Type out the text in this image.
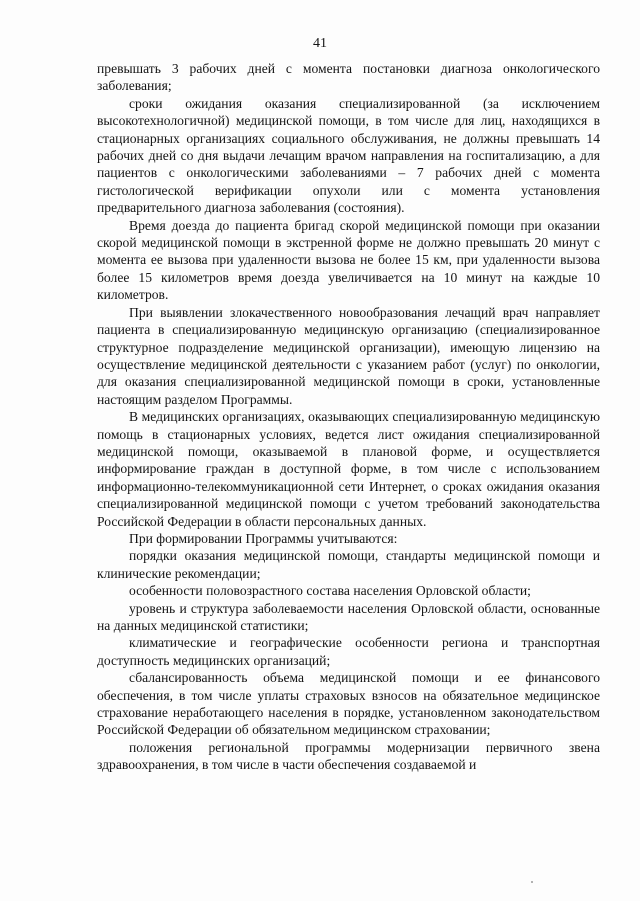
41

превышать 3 рабочих дней с момента постановки диагноза онкологического заболевания;

сроки ожидания оказания специализированной (за исключением высокотехнологичной) медицинской помощи, в том числе для лиц, находящихся в стационарных организациях социального обслуживания, не должны превышать 14 рабочих дней со дня выдачи лечащим врачом направления на госпитализацию, а для пациентов с онкологическими заболеваниями – 7 рабочих дней с момента гистологической верификации опухоли или с момента установления предварительного диагноза заболевания (состояния).

Время доезда до пациента бригад скорой медицинской помощи при оказании скорой медицинской помощи в экстренной форме не должно превышать 20 минут с момента ее вызова при удаленности вызова не более 15 км, при удаленности вызова более 15 километров время доезда увеличивается на 10 минут на каждые 10 километров.

При выявлении злокачественного новообразования лечащий врач направляет пациента в специализированную медицинскую организацию (специализированное структурное подразделение медицинской организации), имеющую лицензию на осуществление медицинской деятельности с указанием работ (услуг) по онкологии, для оказания специализированной медицинской помощи в сроки, установленные настоящим разделом Программы.

В медицинских организациях, оказывающих специализированную медицинскую помощь в стационарных условиях, ведется лист ожидания специализированной медицинской помощи, оказываемой в плановой форме, и осуществляется информирование граждан в доступной форме, в том числе с использованием информационно-телекоммуникационной сети Интернет, о сроках ожидания оказания специализированной медицинской помощи с учетом требований законодательства Российской Федерации в области персональных данных.

При формировании Программы учитываются:

порядки оказания медицинской помощи, стандарты медицинской помощи и клинические рекомендации;

особенности половозрастного состава населения Орловской области;

уровень и структура заболеваемости населения Орловской области, основанные на данных медицинской статистики;

климатические и географические особенности региона и транспортная доступность медицинских организаций;

сбалансированность объема медицинской помощи и ее финансового обеспечения, в том числе уплаты страховых взносов на обязательное медицинское страхование неработающего населения в порядке, установленном законодательством Российской Федерации об обязательном медицинском страховании;

положения региональной программы модернизации первичного звена здравоохранения, в том числе в части обеспечения создаваемой и
